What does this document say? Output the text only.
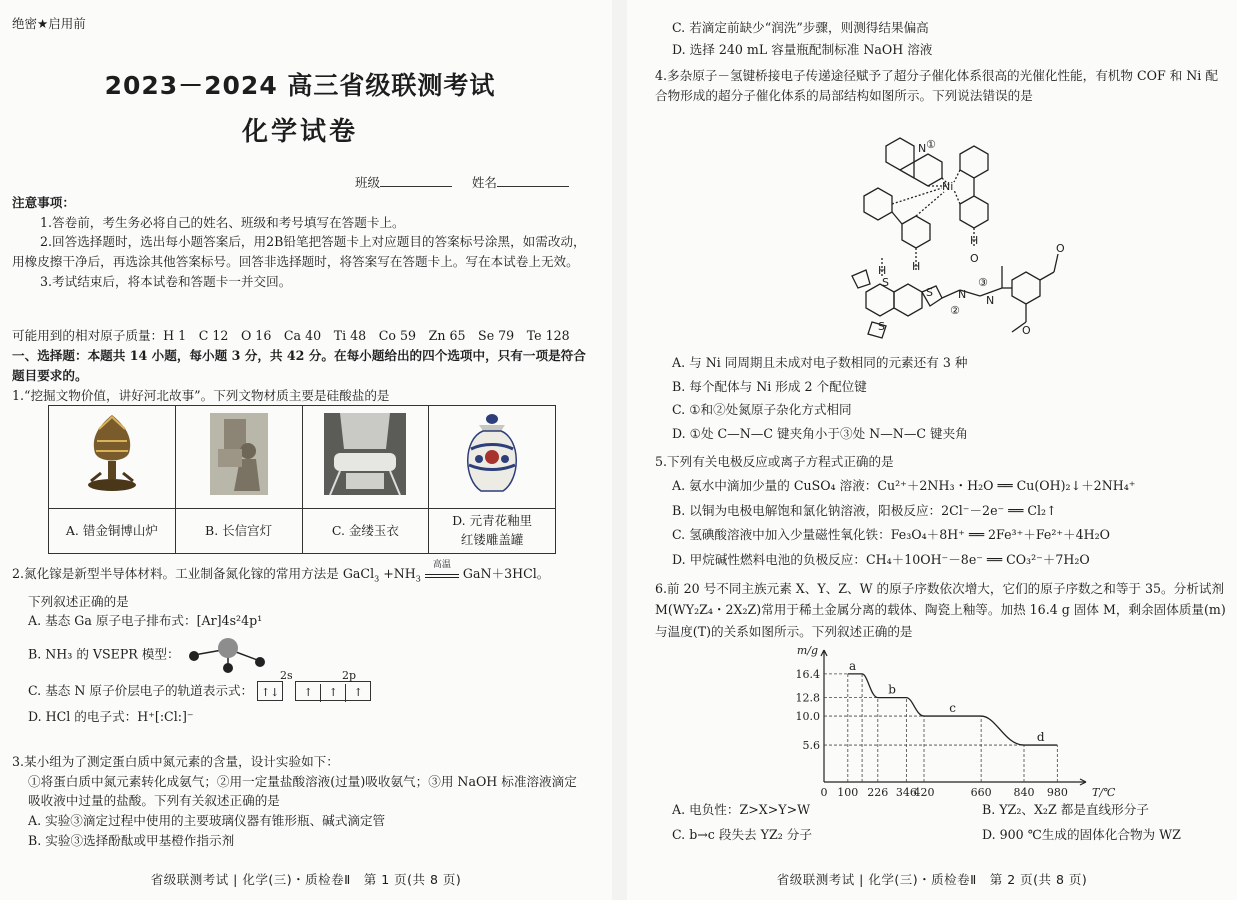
绝密★启用前
2023－2024 高三省级联测考试
化学试卷
班级	姓名

注意事项：

1.答卷前，考生务必将自己的姓名、班级和考号填写在答题卡上。

2.回答选择题时，选出每小题答案后，用2B铅笔把答题卡上对应题目的答案标号涂黑，如需改动，用橡皮擦干净后，再选涂其他答案标号。回答非选择题时，将答案写在答题卡上。写在本试卷上无效。

3.考试结束后，将本试卷和答题卡一并交回。

可能用到的相对原子质量：H 1　C 12　O 16　Ca 40　Ti 48　Co 59　Zn 65　Se 79　Te 128
一、选择题：本题共 14 小题，每小题 3 分，共 42 分。在每小题给出的四个选项中，只有一项是符合题目要求的。
1.“挖掘文物价值，讲好河北故事”。下列文物材质主要是硅酸盐的是

A. 错金铜博山炉	B. 长信宫灯	C. 金缕玉衣	D. 元青花釉里红镂雕盖罐

2.氮化镓是新型半导体材料。工业制备氮化镓的常用方法是 GaCl$_3$ $+NH_3$
高温
GaN＋3HCl。

下列叙述正确的是

A. 基态 Ga 原子电子排布式：[Ar]4s²4p¹

B. NH₃ 的 VSEPR 模型：

2s	2p
C. 基态 N 原子价层电子的轨道表示式： ↑↓ ↑ ↑ ↑

D. HCl 的电子式：H⁺[:Cl:]⁻

3.某小组为了测定蛋白质中氮元素的含量，设计实验如下：

①将蛋白质中氮元素转化成氨气；②用一定量盐酸溶液(过量)吸收氨气；③用 NaOH 标准溶液滴定吸收液中过量的盐酸。下列有关叙述正确的是

A. 实验③滴定过程中使用的主要玻璃仪器有锥形瓶、碱式滴定管

B. 实验③选择酚酞或甲基橙作指示剂

省级联测考试 | 化学(三)・质检卷Ⅱ　第 1 页(共 8 页)

C. 若滴定前缺少“润洗”步骤，则测得结果偏高

D. 选择 240 mL 容量瓶配制标准 NaOH 溶液

4.多杂原子－氢键桥接电子传递途径赋予了超分子催化体系很高的光催化性能，有机物 COF 和 Ni 配合物形成的超分子催化体系的局部结构如图所示。下列说法错误的是
N ①
Ni
H
H
H
O
S
S
S
N
②
③
N
O
O

A. 与 Ni 同周期且未成对电子数相同的元素还有 3 种

B. 每个配体与 Ni 形成 2 个配位键

C. ①和②处氮原子杂化方式相同

D. ①处 C—N—C 键夹角小于③处 N—N—C 键夹角

5.下列有关电极反应或离子方程式正确的是

A. 氨水中滴加少量的 CuSO₄ 溶液：Cu²⁺＋2NH₃・H₂O ══ Cu(OH)₂↓＋2NH₄⁺

B. 以铜为电极电解饱和氯化钠溶液，阳极反应：2Cl⁻－2e⁻ ══ Cl₂↑

C. 氢碘酸溶液中加入少量磁性氧化铁：Fe₃O₄＋8H⁺ ══ 2Fe³⁺＋Fe²⁺＋4H₂O

D. 甲烷碱性燃料电池的负极反应：CH₄＋10OH⁻－8e⁻ ══ CO₃²⁻＋7H₂O

6.前 20 号不同主族元素 X、Y、Z、W 的原子序数依次增大，它们的原子序数之和等于 35。分析试剂 M(WY₂Z₄・2X₂Z)常用于稀土金属分离的载体、陶瓷上釉等。加热 16.4 g 固体 M，剩余固体质量(m)与温度(T)的关系如图所示。下列叙述正确的是
0 100 226 346
420	660 840 980
16.4
12.8
10.0
5.6
T/℃
m/g
a
b
c
d
A. 电负性：Z>X>Y>W	B. YZ₂、X₂Z 都是直线形分子
C. b→c 段失去 YZ₂ 分子	D. 900 ℃生成的固体化合物为 WZ
省级联测考试 | 化学(三)・质检卷Ⅱ　第 2 页(共 8 页)
